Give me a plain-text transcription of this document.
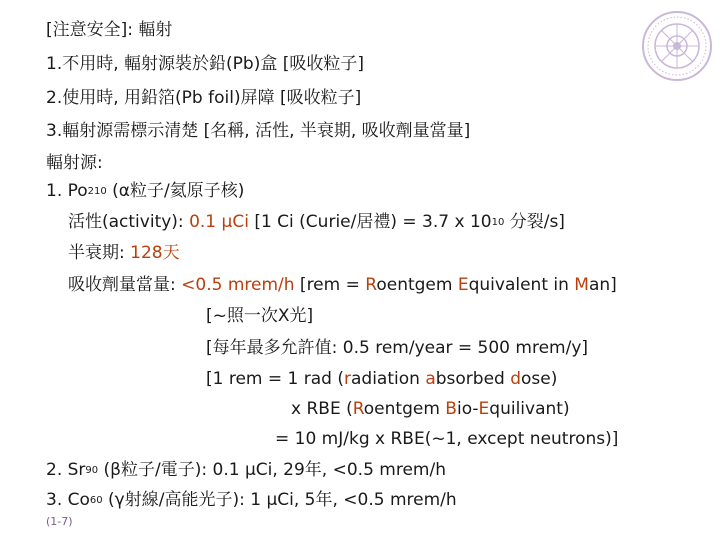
[注意安全]: 輻射
1.不用時, 輻射源裝於鉛(Pb)盒 [吸收粒子]
2.使用時, 用鉛箔(Pb foil)屏障 [吸收粒子]
3.輻射源需標示清楚 [名稱, 活性, 半衰期, 吸收劑量當量]
輻射源:
1. Po$^{210}$ (α粒子/氦原子核)
活性(activity): 0.1 μCi [1 Ci (Curie/居禮) = 3.7 x $10^{10}$ 分裂/s]
半衰期: 128天
吸收劑量當量: <0.5 mrem/h [rem = Roentgem Equivalent in Man]
[~照一次X光]
[每年最多允許值: 0.5 rem/year = 500 mrem/y]
[1 rem = 1 rad (radiation absorbed dose)
x RBE (Roentgem Bio-Equilivant)
= 10 mJ/kg x RBE(~1, except neutrons)]
2. Sr$^{90}$ (β粒子/電子): 0.1 μCi, 29年, <0.5 mrem/h
3. Co$^{60}$ (γ射線/高能光子): 1 μCi, 5年, <0.5 mrem/h
(1-7)
